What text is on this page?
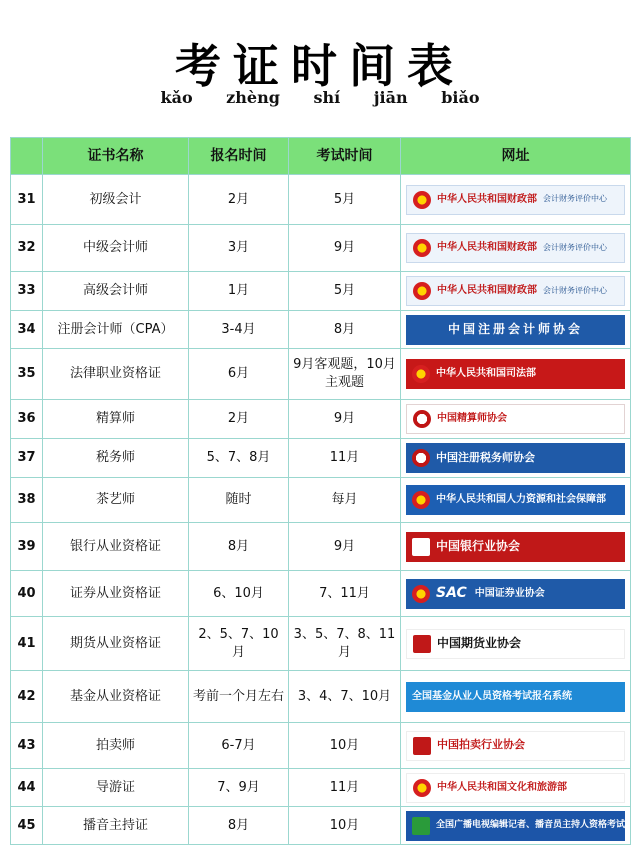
考证时间表
kǎo zhèng shí jiān biǎo
	证书名称	报名时间	考试时间	网址
31	初级会计	2月	5月	中华人民共和国财政部 会计财务评价中心

32	中级会计师	3月	9月	中华人民共和国财政部 会计财务评价中心

33	高级会计师	1月	5月	中华人民共和国财政部 会计财务评价中心

34	注册会计师（CPA）	3-4月	8月	中国注册会计师协会

35	法律职业资格证	6月	9月客观题，10月主观题	中华人民共和国司法部

36	精算师	2月	9月	中国精算师协会

37	税务师	5、7、8月	11月	中国注册税务师协会

38	茶艺师	随时	每月	中华人民共和国人力资源和社会保障部

39	银行从业资格证	8月	9月	中国银行业协会

40	证券从业资格证	6、10月	7、11月	SAC 中国证券业协会

41	期货从业资格证	2、5、7、10月	3、5、7、8、11月	中国期货业协会

42	基金从业资格证	考前一个月左右	3、4、7、10月	全国基金从业人员资格考试报名系统

43	拍卖师	6-7月	10月	中国拍卖行业协会

44	导游证	7、9月	11月	中华人民共和国文化和旅游部

45	播音主持证	8月	10月	全国广播电视编辑记者、播音员主持人资格考试
